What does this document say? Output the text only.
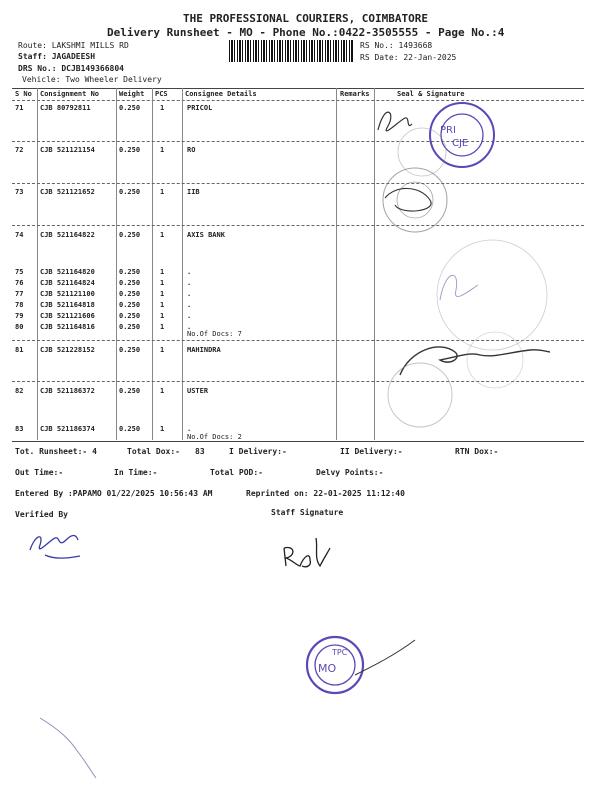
THE PROFESSIONAL COURIERS, COIMBATORE
Delivery Runsheet - MO - Phone No.:0422-3505555 - Page No.:4
Route: LAKSHMI MILLS RD
Staff: JAGADEESH
DRS No.: DCJB149366804
Vehicle: Two Wheeler Delivery
RS No.: 1493668
RS Date: 22-Jan-2025
S No Consignment No	Weight PCS Consignee Details	Remarks	Seal & Signature
71 CJB 80792811	0.250	1	PRICOL
72 CJB 521121154	0.250	1	RO
73 CJB 521121652	0.250	1	IIB
74 CJB 521164822	0.250	1	AXIS BANK
75 CJB 521164820	0.250	1	.
76 CJB 521164824	0.250	1	.
77 CJB 521121100	0.250	1	.
78 CJB 521164818	0.250	1	.
79 CJB 521121606	0.250	1	.
80 CJB 521164816	0.250	1	.
No.Of Docs: 7
81 CJB 521228152	0.250	1	MAHINDRA
82 CJB 521186372	0.250	1	USTER
83 CJB 521186374	0.250	1	.
No.Of Docs: 2
PRI
CJE
MO
TPC
Tot. Runsheet:- 4	Total Dox:- 83	I Delivery:-	II Delivery:-	RTN Dox:-
Out Time:-	In Time:-	Total POD:-	Delvy Points:-
Entered By :PAPAMO 01/22/2025 10:56:43 AM	Reprinted on: 22-01-2025 11:12:40
Verified By	Staff Signature
